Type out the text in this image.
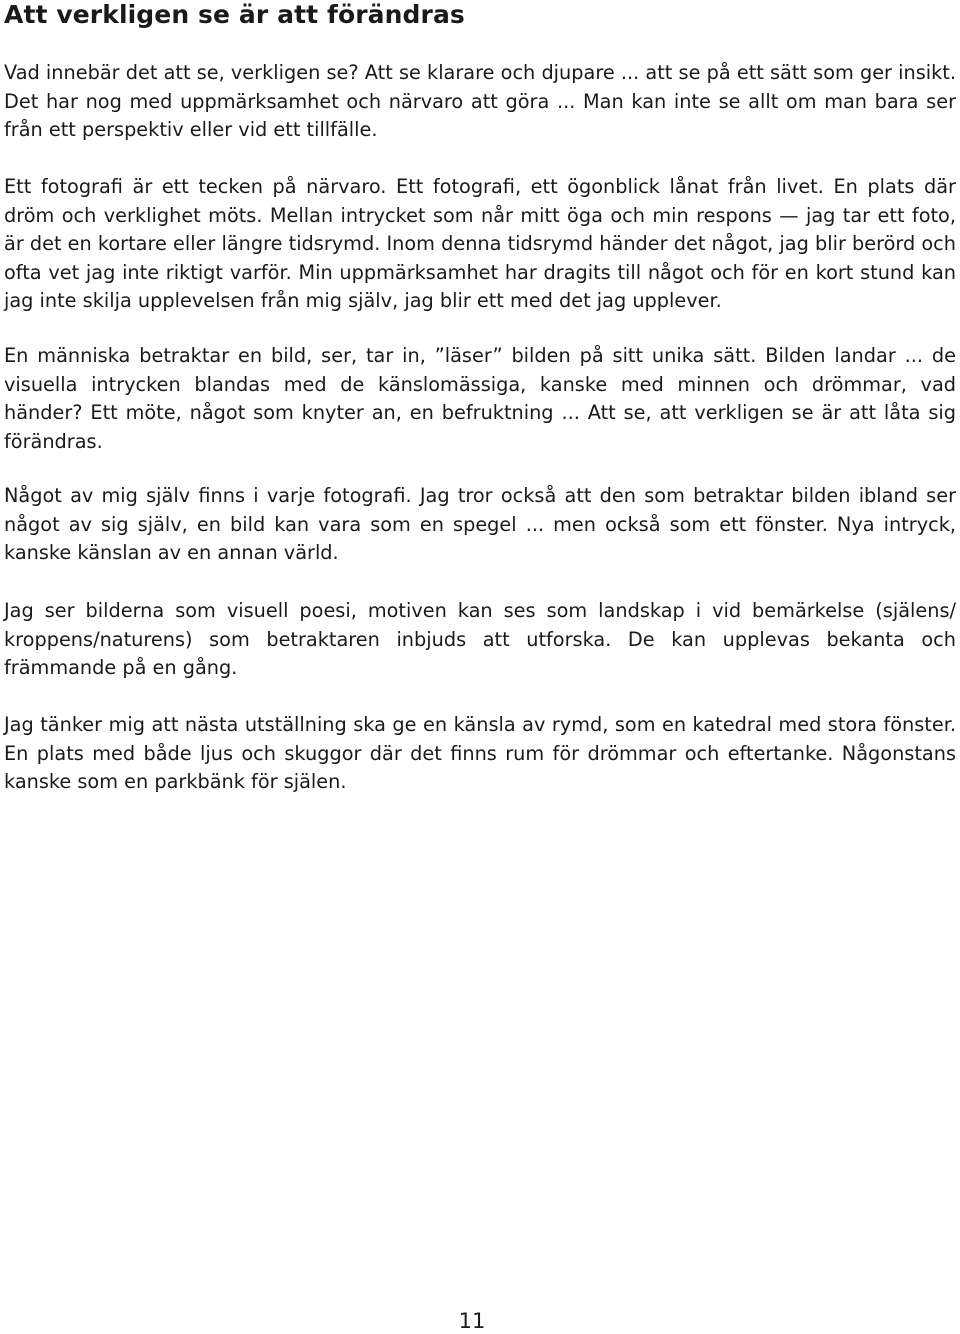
Att verkligen se är att förändras

Vad innebär det att se, verkligen se? Att se klarare och djupare ... att se på ett sätt som ger insikt. Det har nog med uppmärksamhet och närvaro att göra ... Man kan inte se allt om man bara ser från ett perspektiv eller vid ett tillfälle.

Ett fotografi är ett tecken på närvaro. Ett fotografi, ett ögonblick lånat från livet. En plats där dröm och verklighet möts. Mellan intrycket som når mitt öga och min respons — jag tar ett foto, är det en kortare eller längre tidsrymd. Inom denna tidsrymd händer det något, jag blir berörd och ofta vet jag inte riktigt varför. Min uppmärksamhet har dragits till något och för en kort stund kan jag inte skilja upplevelsen från mig själv, jag blir ett med det jag upplever.

En människa betraktar en bild, ser, tar in, ”läser” bilden på sitt unika sätt. Bilden landar ... de visuella intrycken blandas med de känslomässiga, kanske med minnen och drömmar, vad händer? Ett möte, något som knyter an, en befruktning ... Att se, att verkligen se är att låta sig förändras.

Något av mig själv finns i varje fotografi. Jag tror också att den som betraktar bilden ibland ser något av sig själv, en bild kan vara som en spegel ... men också som ett fönster. Nya intryck, kanske känslan av en annan värld.

Jag ser bilderna som visuell poesi, motiven kan ses som landskap i vid bemärkelse (själens/ kroppens/naturens) som betraktaren inbjuds att utforska. De kan upplevas bekanta och främmande på en gång.

Jag tänker mig att nästa utställning ska ge en känsla av rymd, som en katedral med stora fönster. En plats med både ljus och skuggor där det finns rum för drömmar och eftertanke. Någonstans kanske som en parkbänk för själen.

11
